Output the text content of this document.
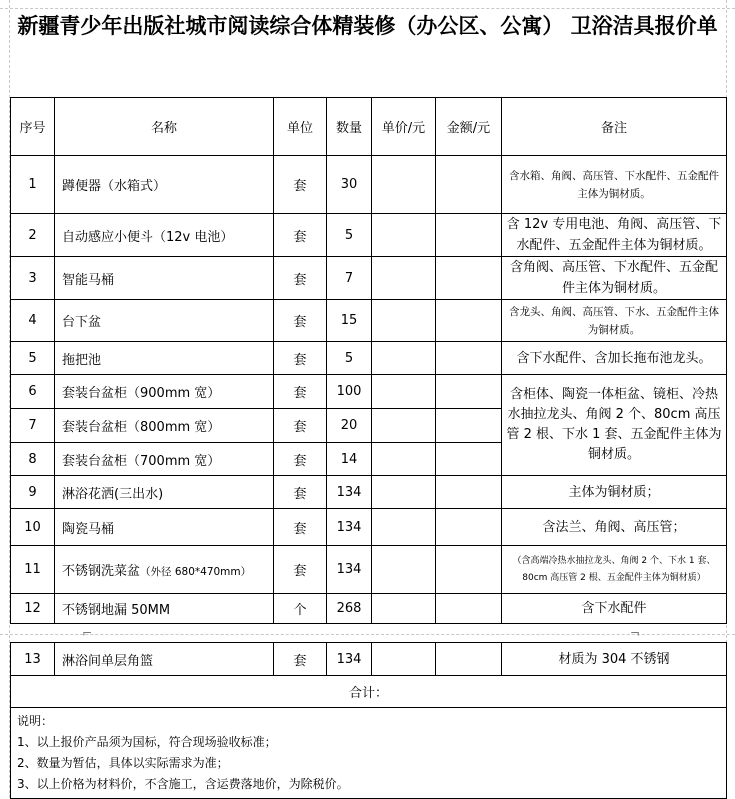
新疆青少年出版社城市阅读综合体精装修（办公区、公寓） 卫浴洁具报价单
序号	名称	单位	数量	单价/元	金额/元	备注
1	蹲便器（水箱式）	套	30			含水箱、角阀、高压管、下水配件、五金配件主体为铜材质。
2	自动感应小便斗（12v 电池）	套	5			含 12v 专用电池、角阀、高压管、下水配件、五金配件主体为铜材质。
3	智能马桶	套	7			含角阀、高压管、下水配件、五金配件主体为铜材质。
4	台下盆	套	15			含龙头、角阀、高压管、下水、五金配件主体为铜材质。
5	拖把池	套	5			含下水配件、含加长拖布池龙头。
6	套装台盆柜（900mm 宽）	套	100			含柜体、陶瓷一体柜盆、镜柜、冷热水抽拉龙头、角阀 2 个、80cm 高压管 2 根、下水 1 套、五金配件主体为铜材质。
7	套装台盆柜（800mm 宽）	套	20			
8	套装台盆柜（700mm 宽）	套	14			
9	淋浴花洒(三出水)	套	134			主体为铜材质；
10	陶瓷马桶	套	134			含法兰、角阀、高压管；
11	不锈钢洗菜盆（外径 680*470mm）	套	134			（含高端冷热水抽拉龙头、角阀 2 个、下水 1 套、80cm 高压管 2 根、五金配件主体为铜材质）
12	不锈钢地漏 50MM	个	268			含下水配件
⌐	¬
13	淋浴间单层角篮	套	134			材质为 304 不锈钢
合计：

说明：
1、以上报价产品须为国标，符合现场验收标准；
2、数量为暂估，具体以实际需求为准；
3、以上价格为材料价，不含施工，含运费落地价，为除税价。
